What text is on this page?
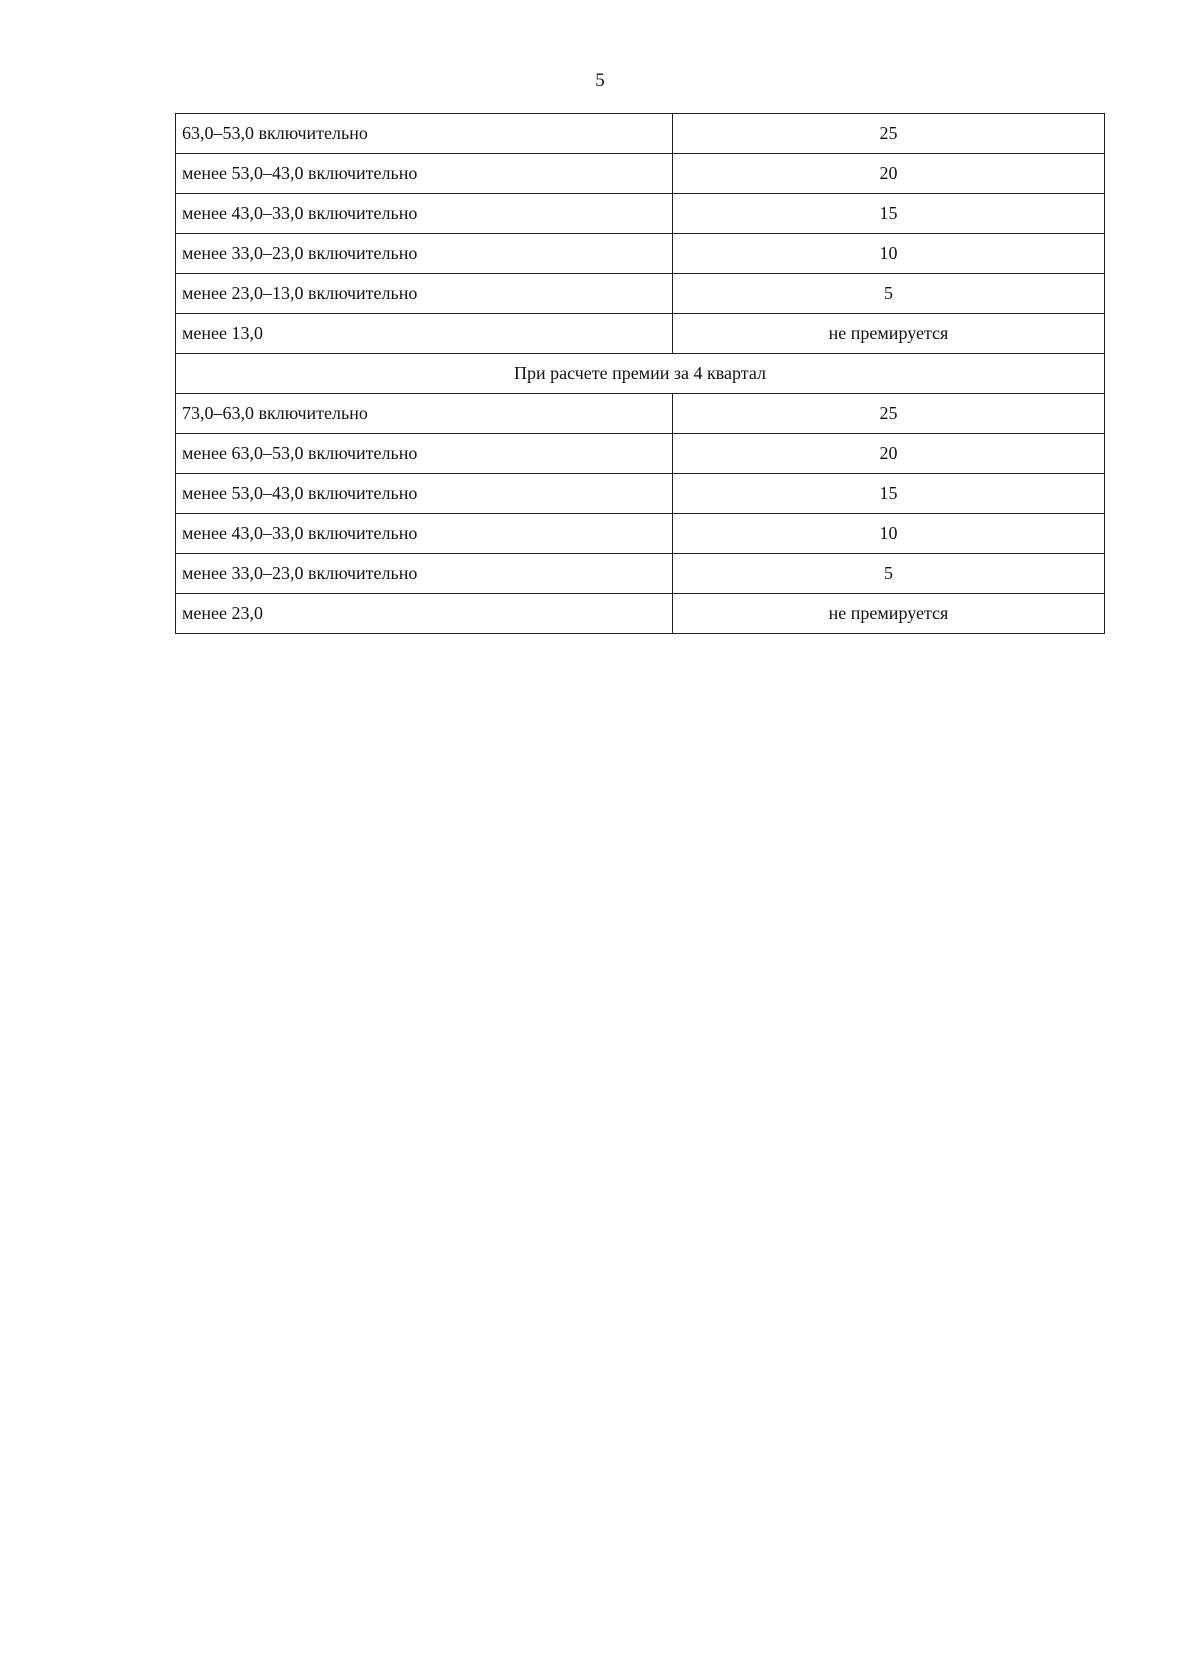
5
63,0–53,0 включительно	25
менее 53,0–43,0 включительно	20
менее 43,0–33,0 включительно	15
менее 33,0–23,0 включительно	10
менее 23,0–13,0 включительно	5
менее 13,0	не премируется
При расчете премии за 4 квартал	
73,0–63,0 включительно	25
менее 63,0–53,0 включительно	20
менее 53,0–43,0 включительно	15
менее 43,0–33,0 включительно	10
менее 33,0–23,0 включительно	5
менее 23,0	не премируется
